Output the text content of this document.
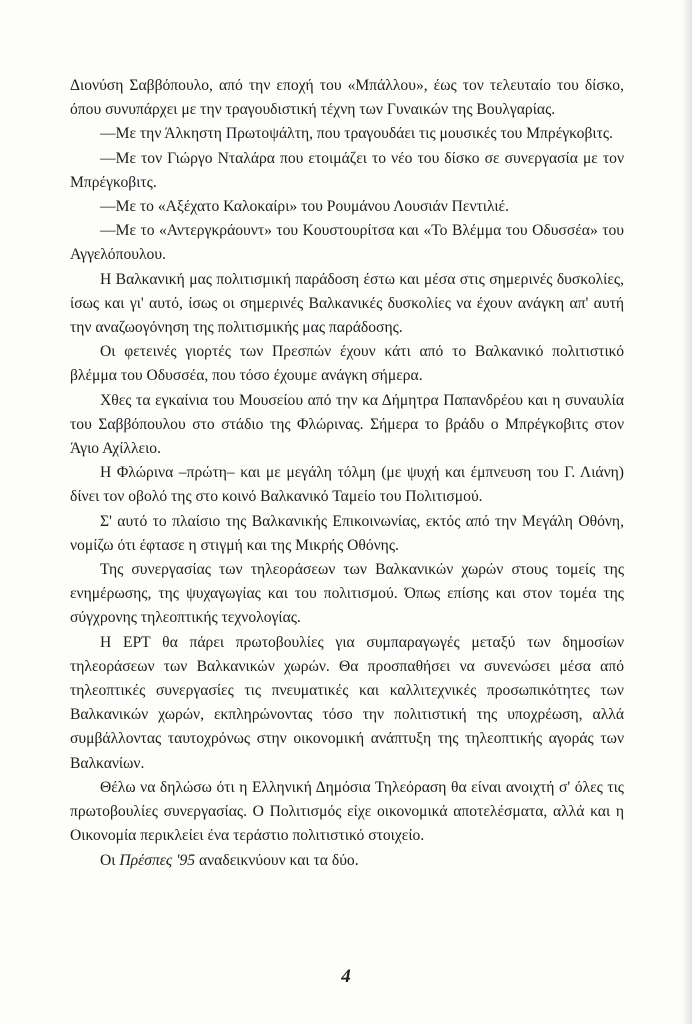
Διονύση Σαββόπουλο, από την εποχή του «Μπάλλου», έως τον τελευταίο του δίσκο, όπου συνυπάρχει με την τραγουδιστική τέχνη των Γυναικών της Βουλγαρίας.

—Με την Άλκηστη Πρωτοψάλτη, που τραγουδάει τις μουσικές του Μπρέγκοβιτς.

—Με τον Γιώργο Νταλάρα που ετοιμάζει το νέο του δίσκο σε συνεργασία με τον Μπρέγκοβιτς.

—Με το «Αξέχατο Καλοκαίρι» του Ρουμάνου Λουσιάν Πεντιλιέ.

—Με το «Αντεργκράουντ» του Κουστουρίτσα και «Το Βλέμμα του Οδυσσέα» του Αγγελόπουλου.

Η Βαλκανική μας πολιτισμική παράδοση έστω και μέσα στις σημερινές δυσκολίες, ίσως και γι' αυτό, ίσως οι σημερινές Βαλκανικές δυσκολίες να έχουν ανάγκη απ' αυτή την αναζωογόνηση της πολιτισμικής μας παράδοσης.

Οι φετεινές γιορτές των Πρεσπών έχουν κάτι από το Βαλκανικό πολιτιστικό βλέμμα του Οδυσσέα, που τόσο έχουμε ανάγκη σήμερα.

Χθες τα εγκαίνια του Μουσείου από την κα Δήμητρα Παπανδρέου και η συναυλία του Σαββόπουλου στο στάδιο της Φλώρινας. Σήμερα το βράδυ ο Μπρέγκοβιτς στον Άγιο Αχίλλειο.

Η Φλώρινα –πρώτη– και με μεγάλη τόλμη (με ψυχή και έμπνευση του Γ. Λιάνη) δίνει τον οβολό της στο κοινό Βαλκανικό Ταμείο του Πολιτισμού.

Σ' αυτό το πλαίσιο της Βαλκανικής Επικοινωνίας, εκτός από την Μεγάλη Οθόνη, νομίζω ότι έφτασε η στιγμή και της Μικρής Οθόνης.

Της συνεργασίας των τηλεοράσεων των Βαλκανικών χωρών στους τομείς της ενημέρωσης, της ψυχαγωγίας και του πολιτισμού. Όπως επίσης και στον τομέα της σύγχρονης τηλεοπτικής τεχνολογίας.

Η ΕΡΤ θα πάρει πρωτοβουλίες για συμπαραγωγές μεταξύ των δημοσίων τηλεοράσεων των Βαλκανικών χωρών. Θα προσπαθήσει να συνενώσει μέσα από τηλεοπτικές συνεργασίες τις πνευματικές και καλλιτεχνικές προσωπικότητες των Βαλκανικών χωρών, εκπληρώνοντας τόσο την πολιτιστική της υποχρέωση, αλλά συμβάλλοντας ταυτοχρόνως στην οικονομική ανάπτυξη της τηλεοπτικής αγοράς των Βαλκανίων.

Θέλω να δηλώσω ότι η Ελληνική Δημόσια Τηλεόραση θα είναι ανοιχτή σ' όλες τις πρωτοβουλίες συνεργασίας. Ο Πολιτισμός είχε οικονομικά αποτελέσματα, αλλά και η Οικονομία περικλείει ένα τεράστιο πολιτιστικό στοιχείο.

Οι Πρέσπες '95 αναδεικνύουν και τα δύο.

4
